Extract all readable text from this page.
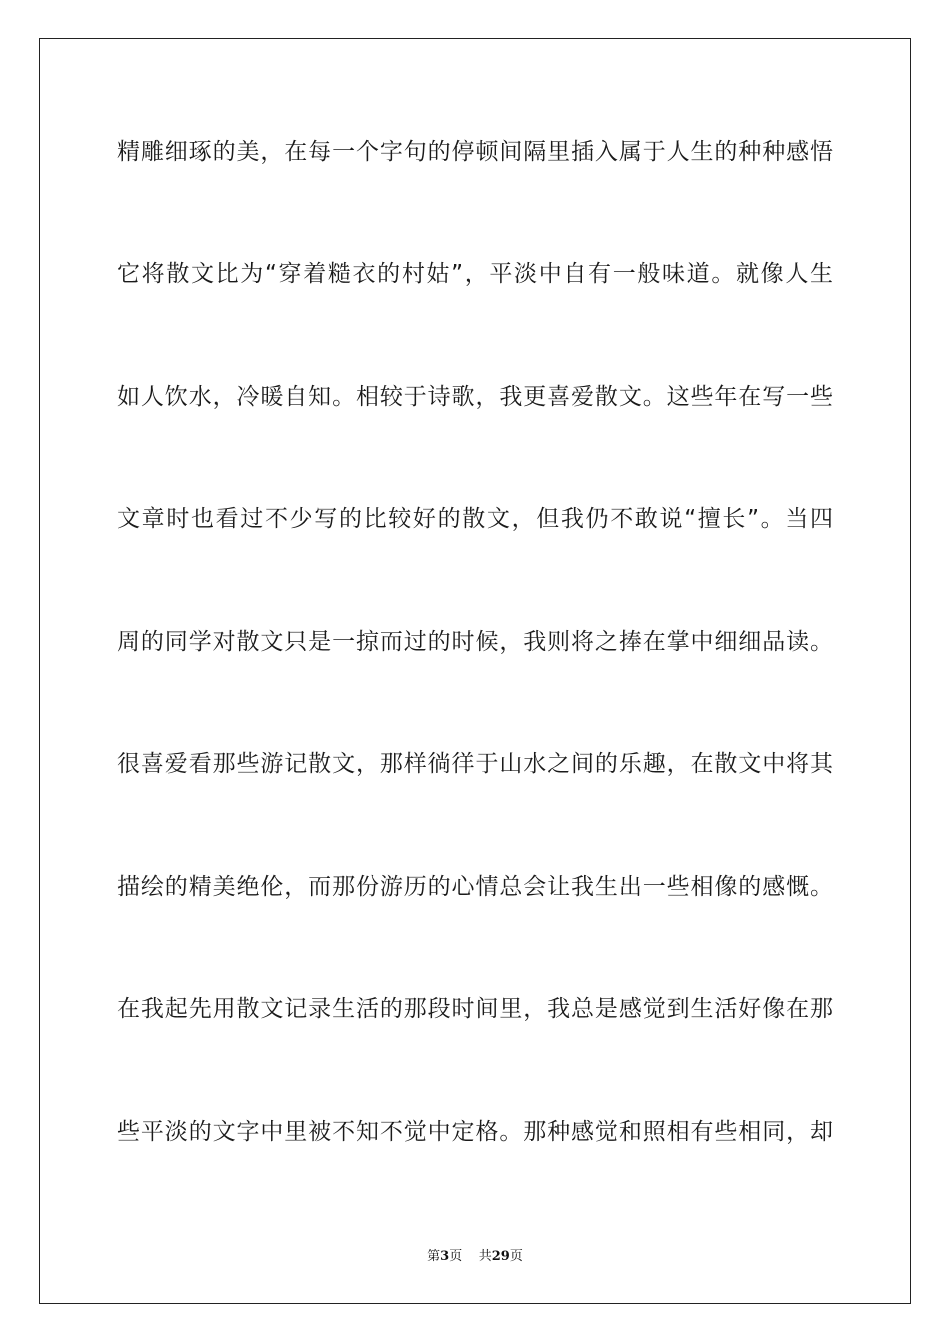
精雕细琢的美，在每一个字句的停顿间隔里插入属于人生的种种感悟
它将散文比为“穿着糙衣的村姑”，平淡中自有一般味道。就像人生
如人饮水，冷暖自知。相较于诗歌，我更喜爱散文。这些年在写一些
文章时也看过不少写的比较好的散文，但我仍不敢说“擅长”。当四
周的同学对散文只是一掠而过的时候，我则将之捧在掌中细细品读。
很喜爱看那些游记散文，那样徜徉于山水之间的乐趣，在散文中将其
描绘的精美绝伦，而那份游历的心情总会让我生出一些相像的感慨。
在我起先用散文记录生活的那段时间里，我总是感觉到生活好像在那
些平淡的文字中里被不知不觉中定格。那种感觉和照相有些相同，却
第3页 共29页
